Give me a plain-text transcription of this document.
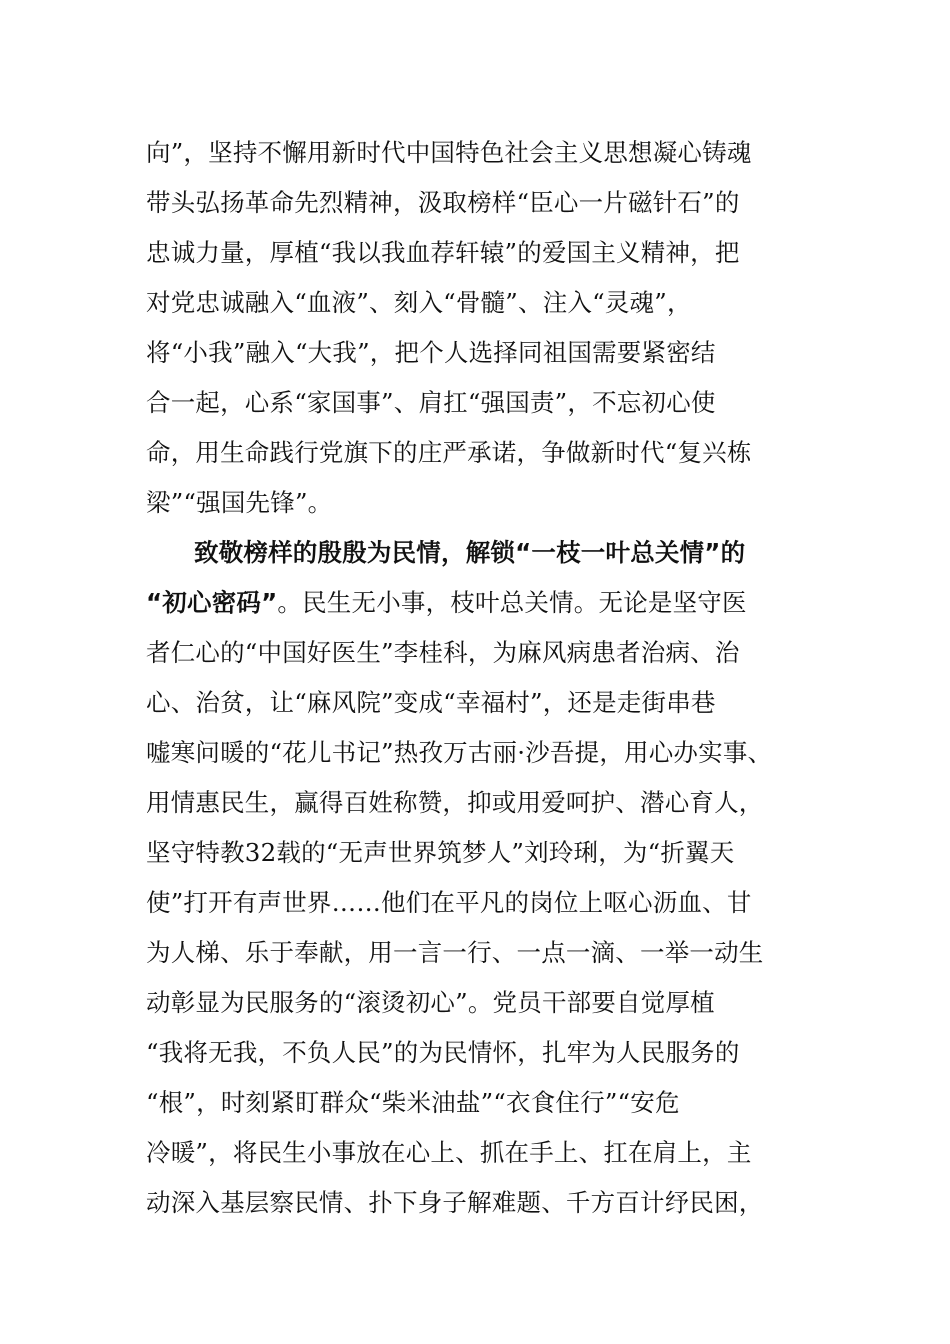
向”，坚持不懈用新时代中国特色社会主义思想凝心铸魂
带头弘扬革命先烈精神，汲取榜样“臣心一片磁针石”的
忠诚力量，厚植“我以我血荐轩辕”的爱国主义精神，把
对党忠诚融入“血液”、刻入“骨髓”、注入“灵魂”，
将“小我”融入“大我”，把个人选择同祖国需要紧密结
合一起，心系“家国事”、肩扛“强国责”，不忘初心使
命，用生命践行党旗下的庄严承诺，争做新时代“复兴栋
梁”“强国先锋”。
致敬榜样的殷殷为民情，解锁“一枝一叶总关情”的
“初心密码”。民生无小事，枝叶总关情。无论是坚守医
者仁心的“中国好医生”李桂科，为麻风病患者治病、治
心、治贫，让“麻风院”变成“幸福村”，还是走街串巷
嘘寒问暖的“花儿书记”热孜万古丽·沙吾提，用心办实事、
用情惠民生，赢得百姓称赞，抑或用爱呵护、潜心育人，
坚守特教32载的“无声世界筑梦人”刘玲琍，为“折翼天
使”打开有声世界……他们在平凡的岗位上呕心沥血、甘
为人梯、乐于奉献，用一言一行、一点一滴、一举一动生
动彰显为民服务的“滚烫初心”。党员干部要自觉厚植
“我将无我，不负人民”的为民情怀，扎牢为人民服务的
“根”，时刻紧盯群众“柴米油盐”“衣食住行”“安危
冷暖”，将民生小事放在心上、抓在手上、扛在肩上，主
动深入基层察民情、扑下身子解难题、千方百计纾民困，
